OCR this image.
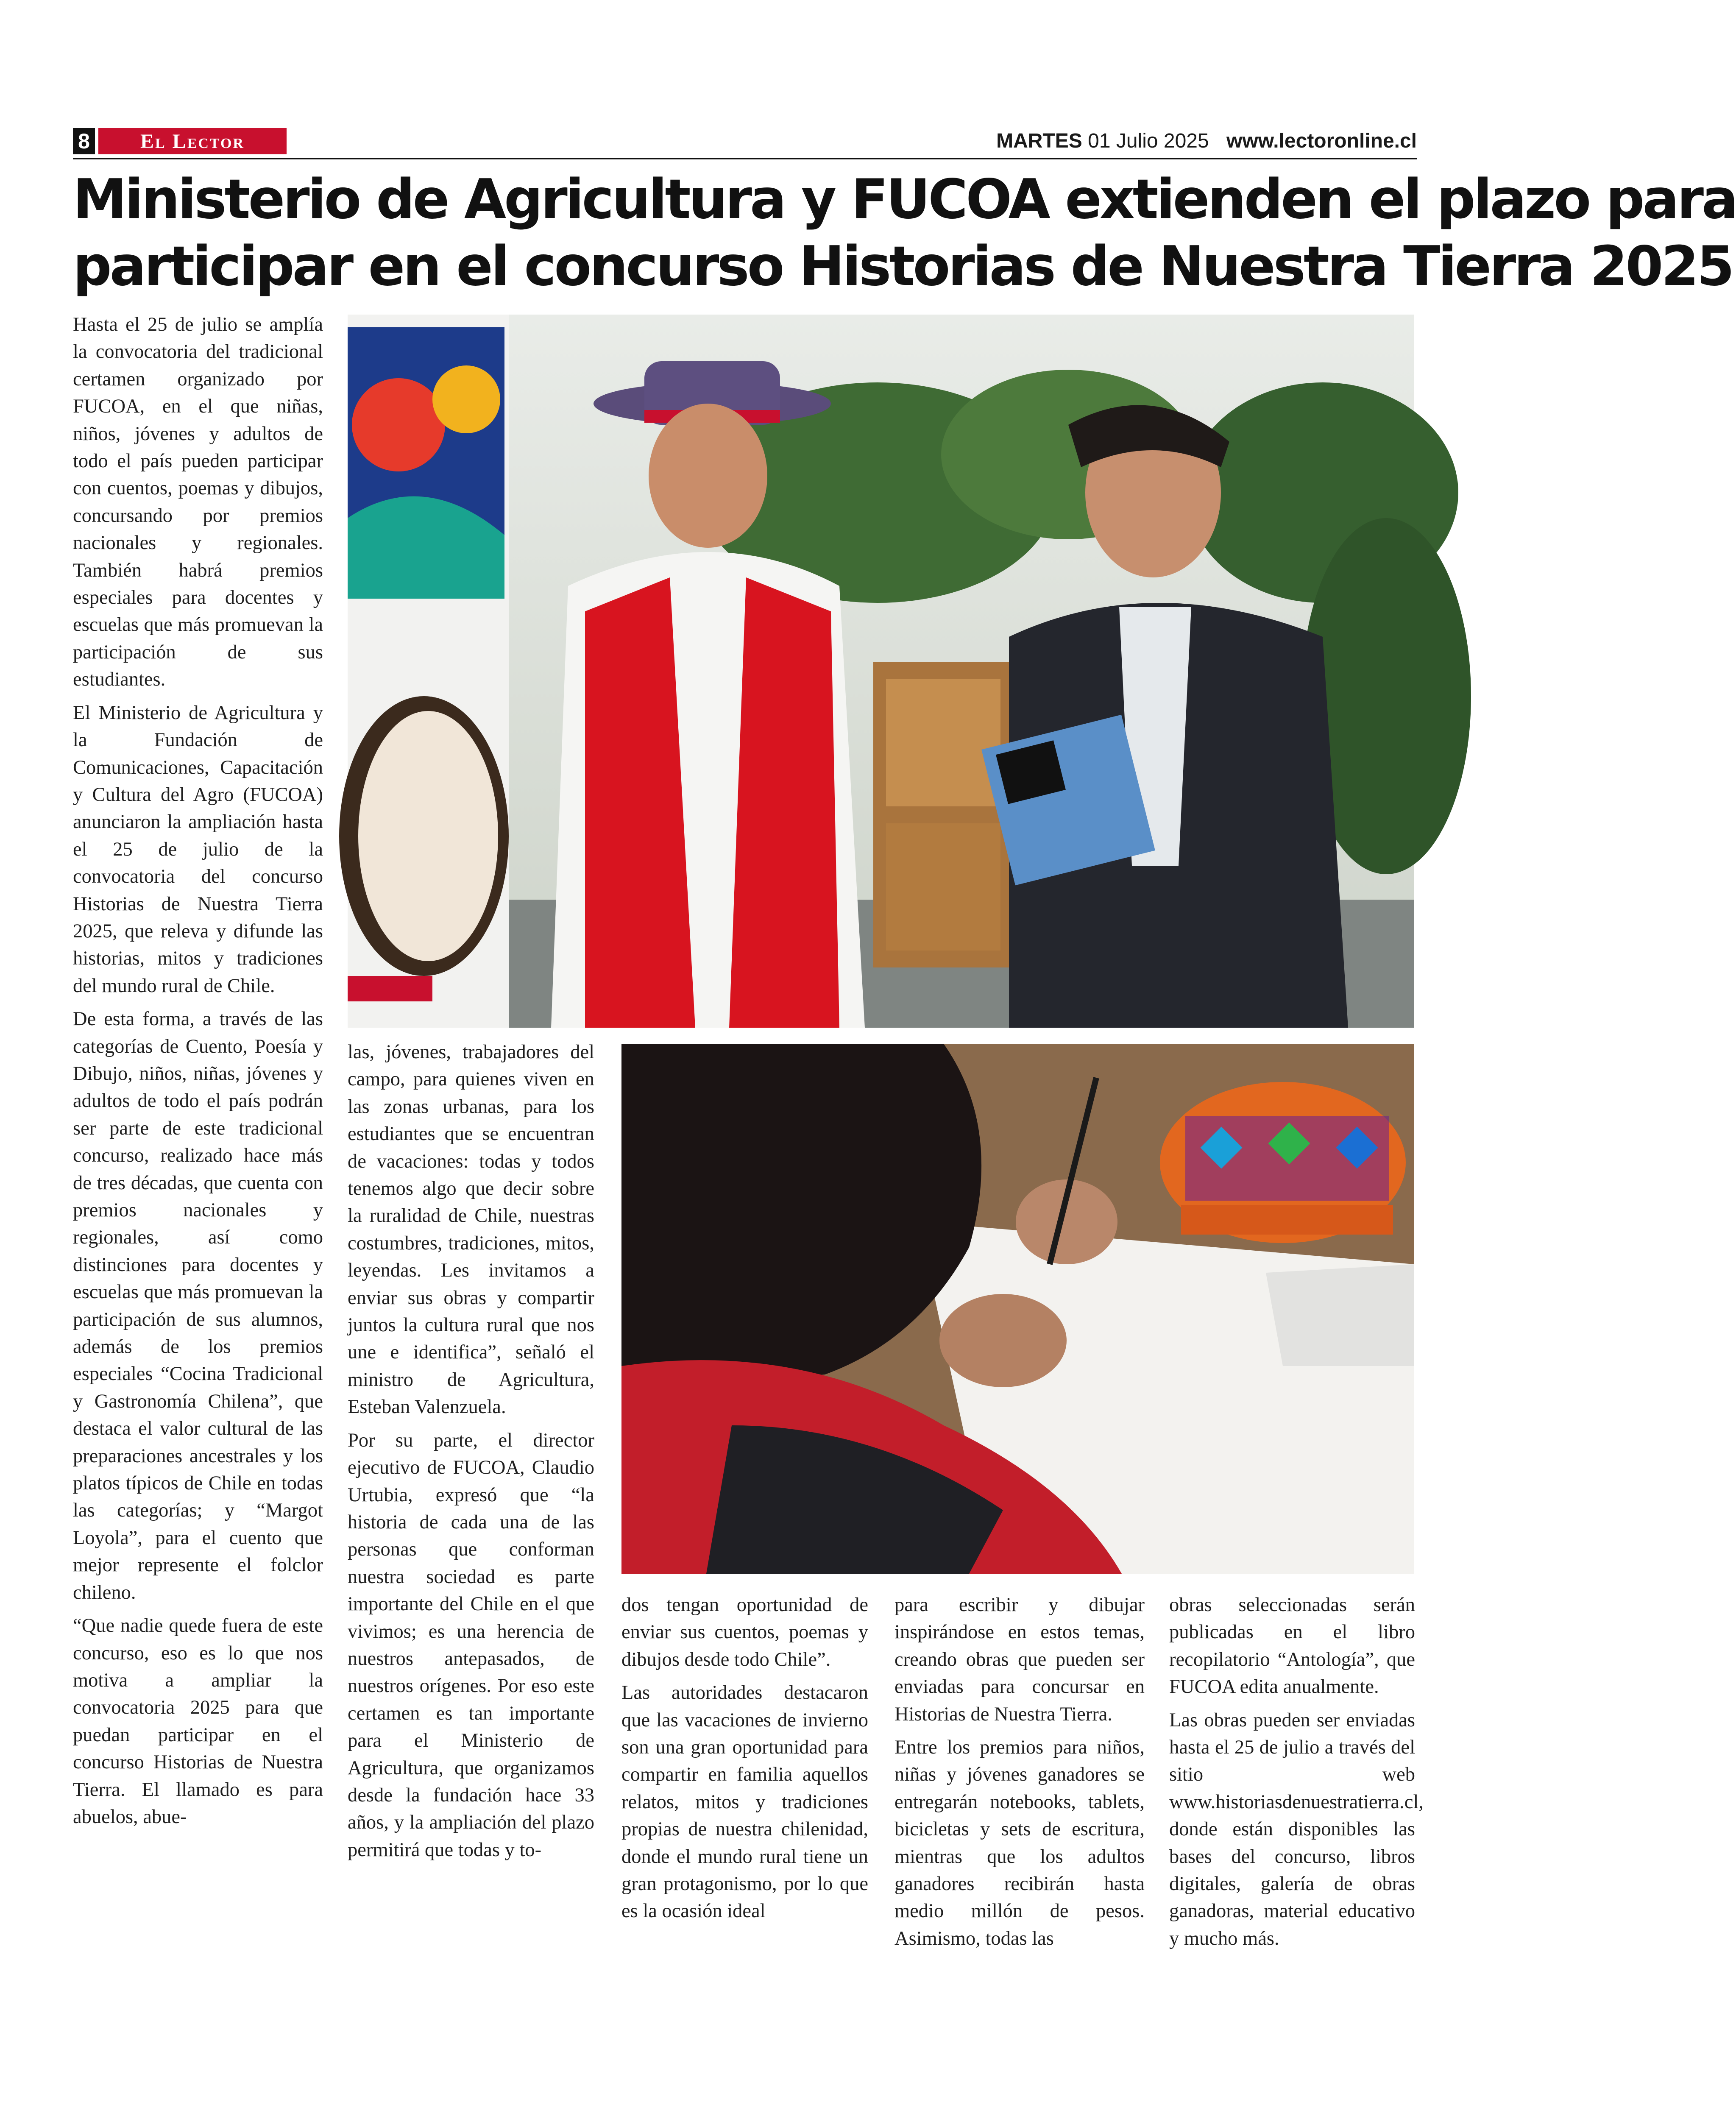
8	El Lector	MARTES 01 Julio 2025 www.lectoronline.cl
Ministerio de Agricultura y FUCOA extienden el plazo para
participar en el concurso Historias de Nuestra Tierra 2025

Hasta el 25 de julio se amplía la convocatoria del tradicional certamen organizado por FUCOA, en el que niñas, niños, jóvenes y adultos de todo el país pueden participar con cuentos, poemas y dibujos, concursando por premios nacionales y regionales. También habrá premios especiales para docentes y escuelas que más promuevan la participación de sus estudiantes.

El Ministerio de Agricultura y la Fundación de Comunicaciones, Capacitación y Cultura del Agro (FUCOA) anunciaron la ampliación hasta el 25 de julio de la convocatoria del concurso Historias de Nuestra Tierra 2025, que releva y difunde las historias, mitos y tradiciones del mundo rural de Chile.

De esta forma, a través de las categorías de Cuento, Poesía y Dibujo, niños, niñas, jóvenes y adultos de todo el país podrán ser parte de este tradicional concurso, realizado hace más de tres décadas, que cuenta con premios nacionales y regionales, así como distinciones para docentes y escuelas que más promuevan la participación de sus alumnos, además de los premios especiales “Cocina Tradicional y Gastronomía Chilena”, que destaca el valor cultural de las preparaciones ancestrales y los platos típicos de Chile en todas las categorías; y “Margot Loyola”, para el cuento que mejor represente el folclor chileno.

“Que nadie quede fuera de este concurso, eso es lo que nos motiva a ampliar la convocatoria 2025 para que puedan participar en el concurso Historias de Nuestra Tierra. El llamado es para abuelos, abue-

las, jóvenes, trabajadores del campo, para quienes viven en las zonas urbanas, para los estudiantes que se encuentran de vacaciones: todas y todos tenemos algo que decir sobre la ruralidad de Chile, nuestras costumbres, tradiciones, mitos, leyendas. Les invitamos a enviar sus obras y compartir juntos la cultura rural que nos une e identifica”, señaló el ministro de Agricultura, Esteban Valenzuela.

Por su parte, el director ejecutivo de FUCOA, Claudio Urtubia, expresó que “la historia de cada una de las personas que conforman nuestra sociedad es parte importante del Chile en el que vivimos; es una herencia de nuestros antepasados, de nuestros orígenes. Por eso este certamen es tan importante para el Ministerio de Agricultura, que organizamos desde la fundación hace 33 años, y la ampliación del plazo permitirá que todas y to-

dos tengan oportunidad de enviar sus cuentos, poemas y dibujos desde todo Chile”.

Las autoridades destacaron que las vacaciones de invierno son una gran oportunidad para compartir en familia aquellos relatos, mitos y tradiciones propias de nuestra chilenidad, donde el mundo rural tiene un gran protagonismo, por lo que es la ocasión ideal

para escribir y dibujar inspirándose en estos temas, creando obras que pueden ser enviadas para concursar en Historias de Nuestra Tierra.

Entre los premios para niños, niñas y jóvenes ganadores se entregarán notebooks, tablets, bicicletas y sets de escritura, mientras que los adultos ganadores recibirán hasta medio millón de pesos. Asimismo, todas las

obras seleccionadas serán publicadas en el libro recopilatorio “Antología”, que FUCOA edita anualmente.

Las obras pueden ser enviadas hasta el 25 de julio a través del sitio web www.historiasdenuestratierra.cl, donde están disponibles las bases del concurso, libros digitales, galería de obras ganadoras, material educativo y mucho más.
